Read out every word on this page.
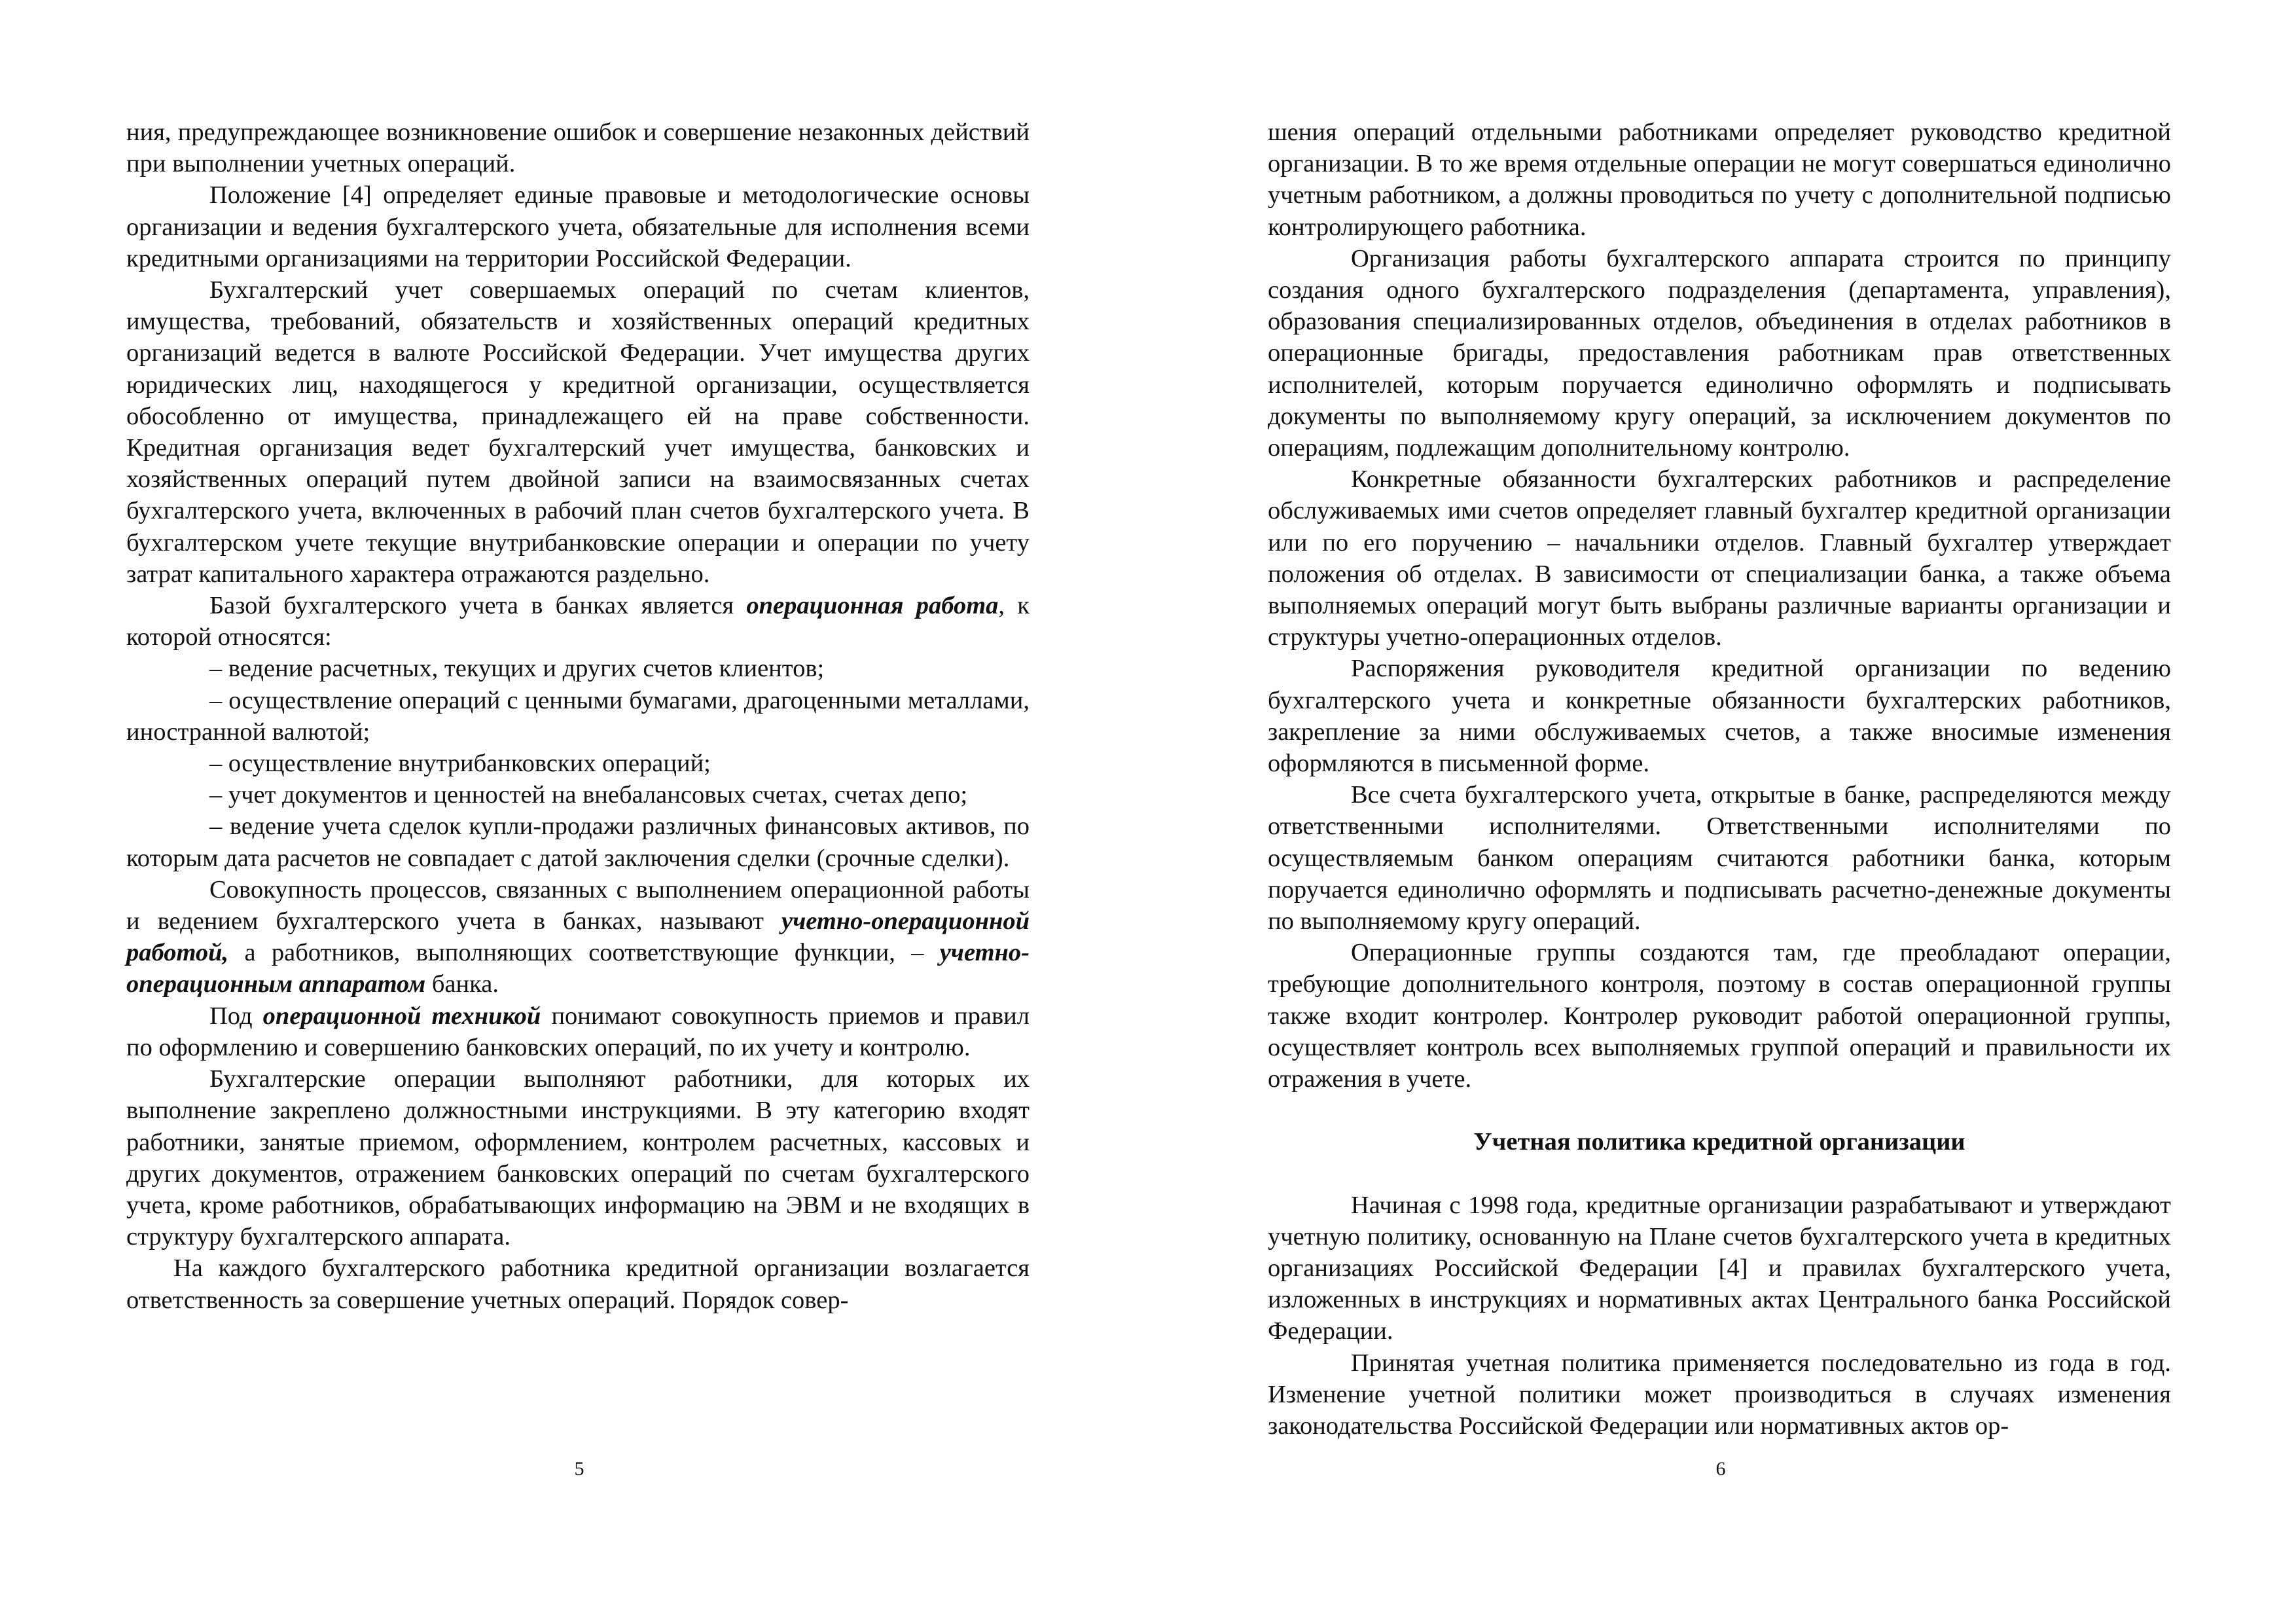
ния, предупреждающее возникновение ошибок и совершение незаконных действий при выполнении учетных операций.

Положение [4] определяет единые правовые и методологические основы организации и ведения бухгалтерского учета, обязательные для исполнения всеми кредитными организациями на территории Российской Федерации.

Бухгалтерский учет совершаемых операций по счетам клиентов, имущества, требований, обязательств и хозяйственных операций кредитных организаций ведется в валюте Российской Федерации. Учет имущества других юридических лиц, находящегося у кредитной организации, осуществляется обособленно от имущества, принадлежащего ей на праве собственности. Кредитная организация ведет бухгалтерский учет имущества, банковских и хозяйственных операций путем двойной записи на взаимосвязанных счетах бухгалтерского учета, включенных в рабочий план счетов бухгалтерского учета. В бухгалтерском учете текущие внутрибанковские операции и операции по учету затрат капитального характера отражаются раздельно.

Базой бухгалтерского учета в банках является операционная работа, к которой относятся:

– ведение расчетных, текущих и других счетов клиентов;

– осуществление операций с ценными бумагами, драгоценными металлами, иностранной валютой;

– осуществление внутрибанковских операций;

– учет документов и ценностей на внебалансовых счетах, счетах депо;

– ведение учета сделок купли-продажи различных финансовых активов, по которым дата расчетов не совпадает с датой заключения сделки (срочные сделки).

Совокупность процессов, связанных с выполнением операционной работы и ведением бухгалтерского учета в банках, называют учетно-операционной работой, а работников, выполняющих соответствующие функции, – учетно-операционным аппаратом банка.

Под операционной техникой понимают совокупность приемов и правил по оформлению и совершению банковских операций, по их учету и контролю.

Бухгалтерские операции выполняют работники, для которых их выполнение закреплено должностными инструкциями. В эту категорию входят работники, занятые приемом, оформлением, контролем расчетных, кассовых и других документов, отражением банковских операций по счетам бухгалтерского учета, кроме работников, обрабатывающих информацию на ЭВМ и не входящих в структуру бухгалтерского аппарата.

На каждого бухгалтерского работника кредитной организации возлагается ответственность за совершение учетных операций. Порядок совер-

5

шения операций отдельными работниками определяет руководство кредитной организации. В то же время отдельные операции не могут совершаться единолично учетным работником, а должны проводиться по учету с дополнительной подписью контролирующего работника.

Организация работы бухгалтерского аппарата строится по принципу создания одного бухгалтерского подразделения (департамента, управления), образования специализированных отделов, объединения в отделах работников в операционные бригады, предоставления работникам прав ответственных исполнителей, которым поручается единолично оформлять и подписывать документы по выполняемому кругу операций, за исключением документов по операциям, подлежащим дополнительному контролю.

Конкретные обязанности бухгалтерских работников и распределение обслуживаемых ими счетов определяет главный бухгалтер кредитной организации или по его поручению – начальники отделов. Главный бухгалтер утверждает положения об отделах. В зависимости от специализации банка, а также объема выполняемых операций могут быть выбраны различные варианты организации и структуры учетно-операционных отделов.

Распоряжения руководителя кредитной организации по ведению бухгалтерского учета и конкретные обязанности бухгалтерских работников, закрепление за ними обслуживаемых счетов, а также вносимые изменения оформляются в письменной форме.

Все счета бухгалтерского учета, открытые в банке, распределяются между ответственными исполнителями. Ответственными исполнителями по осуществляемым банком операциям считаются работники банка, которым поручается единолично оформлять и подписывать расчетно-денежные документы по выполняемому кругу операций.

Операционные группы создаются там, где преобладают операции, требующие дополнительного контроля, поэтому в состав операционной группы также входит контролер. Контролер руководит работой операционной группы, осуществляет контроль всех выполняемых группой операций и правильности их отражения в учете.

Учетная политика кредитной организации

Начиная с 1998 года, кредитные организации разрабатывают и утверждают учетную политику, основанную на Плане счетов бухгалтерского учета в кредитных организациях Российской Федерации [4] и правилах бухгалтерского учета, изложенных в инструкциях и нормативных актах Центрального банка Российской Федерации.

Принятая учетная политика применяется последовательно из года в год. Изменение учетной политики может производиться в случаях изменения законодательства Российской Федерации или нормативных актов ор-

6
